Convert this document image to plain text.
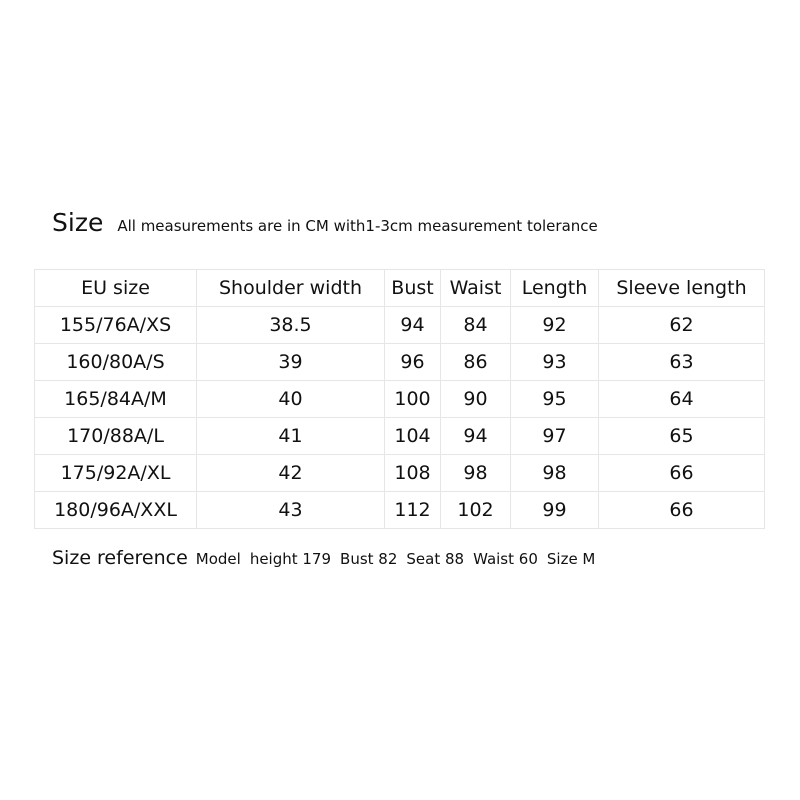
Size All measurements are in CM with1-3cm measurement tolerance
EU size	Shoulder width	Bust	Waist	Length	Sleeve length
155/76A/XS	38.5	94	84	92	62
160/80A/S	39	96	86	93	63
165/84A/M	40	100	90	95	64
170/88A/L	41	104	94	97	65
175/92A/XL	42	108	98	98	66
180/96A/XXL	43	112	102	99	66
Size reference Model height 179 Bust 82 Seat 88 Waist 60 Size M
